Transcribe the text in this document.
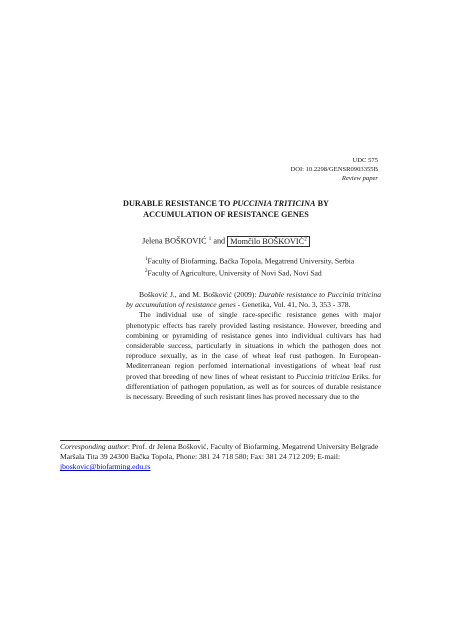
UDC 575
DOI: 10.2298/GENSR0903355B
Review paper
DURABLE RESISTANCE TO PUCCINIA TRITICINA BY
ACCUMULATION OF RESISTANCE GENES
Jelena BOŠKOVIĆ $^1$ and Momčilo BOŠKOVIĆ$^2$
$^1$Faculty of Biofarming, Bačka Topola, Megatrend University, Serbia
$^2$Faculty of Agriculture, University of Novi Sad, Novi Sad

Bošković J., and M. Bošković (2009): Durable resistance to Puccinia triticina by accumulation of resistance genes - Genetika, Vol. 41, No. 3, 353 - 378.

The individual use of single race-specific resistance genes with major phenotypic effects has rarely provided lasting resistance. However, breeding and combining or pyramiding of resistance genes into individual cultivars has had considerable success, particularly in situations in which the pathogen does not reproduce sexually, as in the case of wheat leaf rust pathogen. In European-Mediterranean region perfomed international investigations of wheat leaf rust proved that breeding of new lines of wheat resistant to Puccinia triticina Eriks. for differentiation of pathogen population, as well as for sources of durable resistance is necessary. Breeding of such resistant lines has proved necessary due to the

Corresponding author: Prof. dr Jelena Bošković, Faculty of Biofarming, Megatrend University Belgrade Maršala Tita 39 24300 Bačka Topola, Phone: 381 24 718 580; Fax: 381 24 712 209; E-mail: jboskovic@biofarming.edu.rs
